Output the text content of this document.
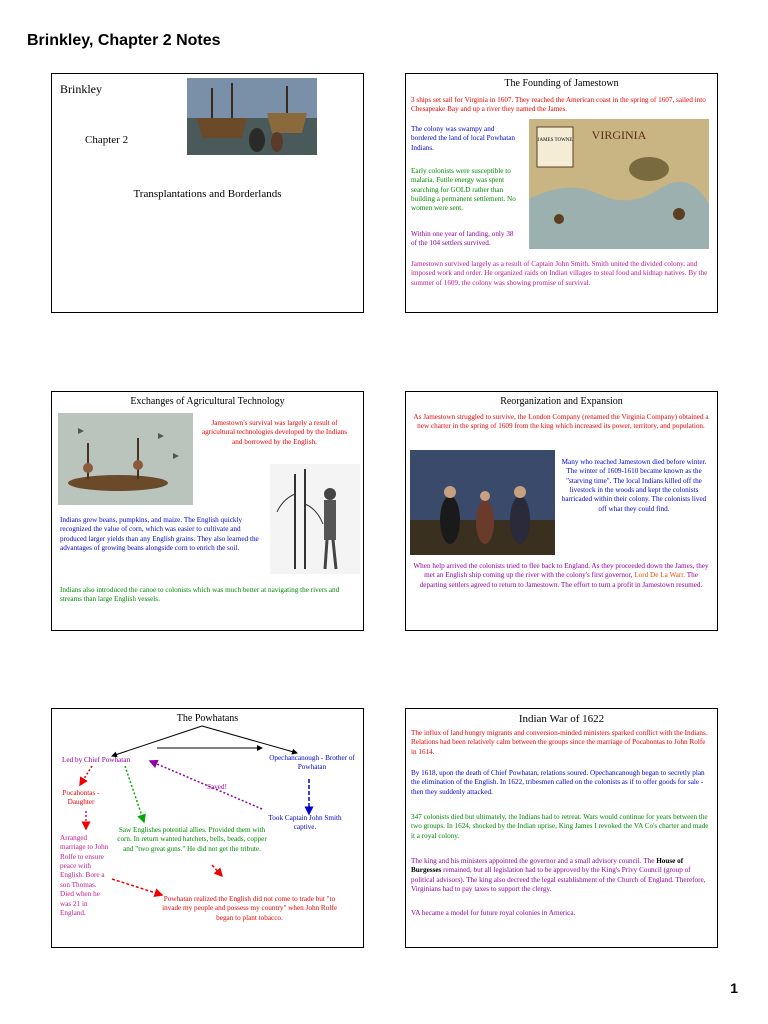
Brinkley, Chapter 2 Notes
Brinkley
Chapter 2
Transplantations and Borderlands
The Founding of Jamestown
3 ships set sail for Virginia in 1607. They reached the American coast in the spring of 1607, sailed into Chesapeake Bay and up a river they named the James.
The colony was swampy and bordered the land of local Powhatan Indians.
Early colonists were susceptible to malaria. Futile energy was spent searching for GOLD rather than building a permanent settlement. No women were sent.
Within one year of landing, only 38 of the 104 settlers survived.
JAMES TOWNE VIRGINIA
Jamestown survived largely as a result of Captain John Smith. Smith united the divided colony, and imposed work and order. He organized raids on Indian villages to steal food and kidnap natives. By the summer of 1609, the colony was showing promise of survival.
Exchanges of Agricultural Technology
Jamestown's survival was largely a result of agricultural technologies developed by the Indians and borrowed by the English.
Indians grew beans, pumpkins, and maize. The English quickly recognized the value of corn, which was easier to cultivate and produced larger yields than any English grains. They also learned the advantages of growing beans alongside corn to enrich the soil.
Indians also introduced the canoe to colonists which was much better at navigating the rivers and streams than large English vessels.
Reorganization and Expansion
As Jamestown struggled to survive, the London Company (renamed the Virginia Company) obtained a new charter in the spring of 1609 from the king which increased its power, territory, and population.
Many who reached Jamestown died before winter. The winter of 1609-1610 became known as the "starving time". The local Indians killed off the livestock in the woods and kept the colonists barricaded within their colony. The colonists lived off what they could find.
When help arrived the colonists tried to flee back to England. As they proceeded down the James, they met an English ship coming up the river with the colony's first governor, Lord De La Warr. The departing settlers agreed to return to Jamestown. The effort to turn a profit in Jamestown resumed.
The Powhatans
Led by Chief Powhatan	Opechancanough - Brother of Powhatan
Pocahontas - Daughter
Saved!
Took Captain John Smith captive.
Saw Englishes potential allies. Provided them with corn. In return wanted hatchets, bells, beads, copper and "two great guns." He did not get the tribute.
Arranged marriage to John Rolfe to ensure peace with English. Bore a son Thomas. Died when he was 21 in England.
Powhatan realized the English did not come to trade but "to invade my people and possess my country" when John Rolfe began to plant tobacco.
Indian War of 1622
The influx of land hungry migrants and conversion-minded ministers sparked conflict with the Indians. Relations had been relatively calm between the groups since the marriage of Pocahontas to John Rolfe in 1614.
By 1618, upon the death of Chief Powhatan, relations soured. Opechancanough began to secretly plan the elimination of the English. In 1622, tribesmen called on the colonists as if to offer goods for sale - then they suddenly attacked.
347 colonists died but ultimately, the Indians had to retreat. Wars would continue for years between the two groups. In 1624, shocked by the Indian uprise, King James I revoked the VA Co's charter and made it a royal colony.
The king and his ministers appointed the governor and a small advisory council. The House of Burgesses remained, but all legislation had to be approved by the King's Privy Council (group of political advisors). The king also decreed the legal establishment of the Church of England. Therefore, Virginians had to pay taxes to support the clergy.
VA became a model for future royal colonies in America.
1
